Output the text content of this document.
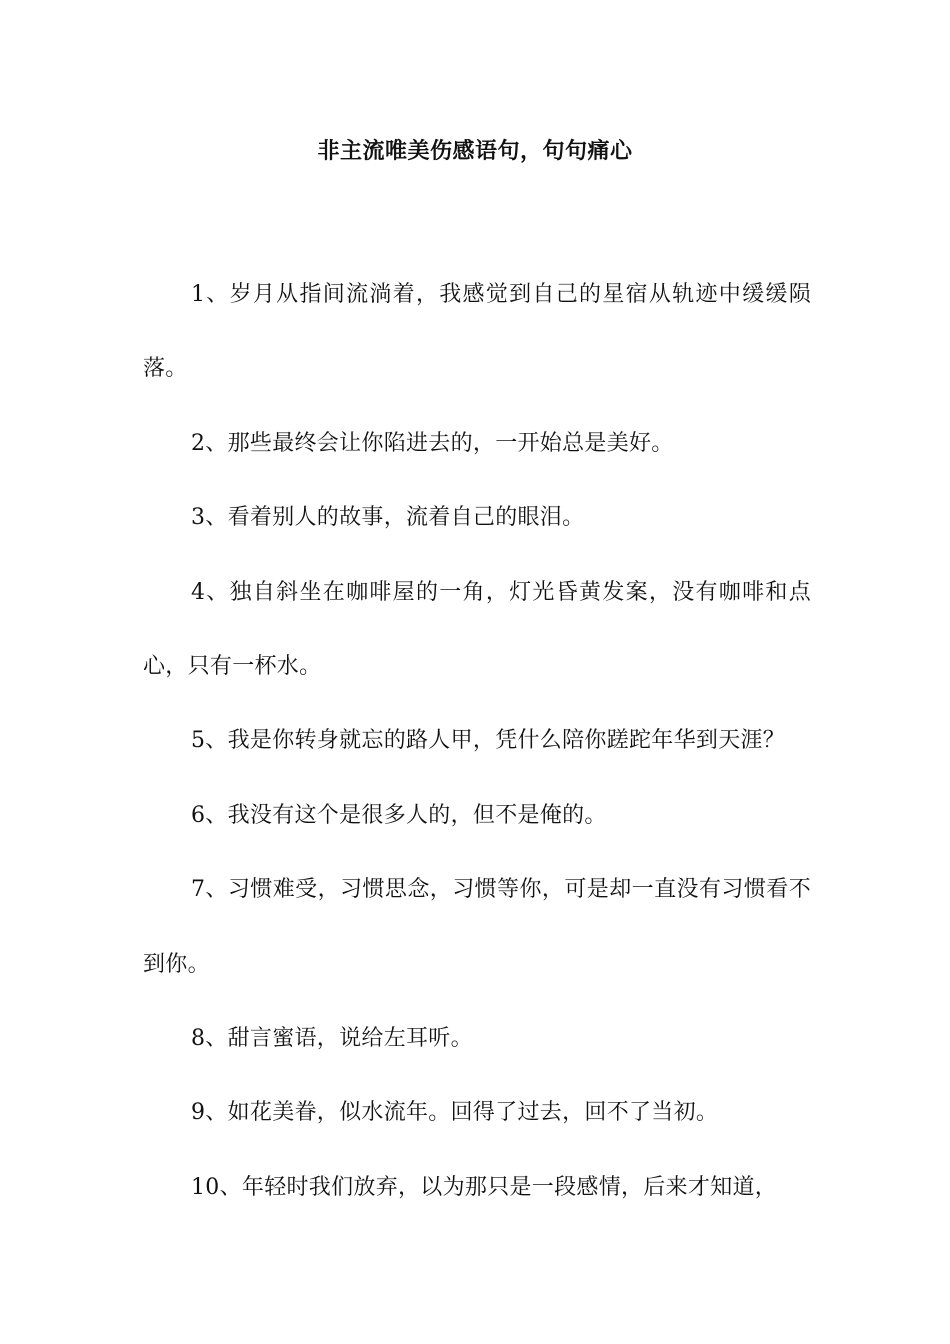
非主流唯美伤感语句，句句痛心

1、岁月从指间流淌着，我感觉到自己的星宿从轨迹中缓缓陨落。

2、那些最终会让你陷进去的，一开始总是美好。

3、看着别人的故事，流着自己的眼泪。

4、独自斜坐在咖啡屋的一角，灯光昏黄发案，没有咖啡和点心，只有一杯水。

5、我是你转身就忘的路人甲，凭什么陪你蹉跎年华到天涯？

6、我没有这个是很多人的，但不是俺的。

7、习惯难受，习惯思念，习惯等你，可是却一直没有习惯看不到你。

8、甜言蜜语，说给左耳听。

9、如花美眷，似水流年。回得了过去，回不了当初。

10、年轻时我们放弃，以为那只是一段感情，后来才知道，
